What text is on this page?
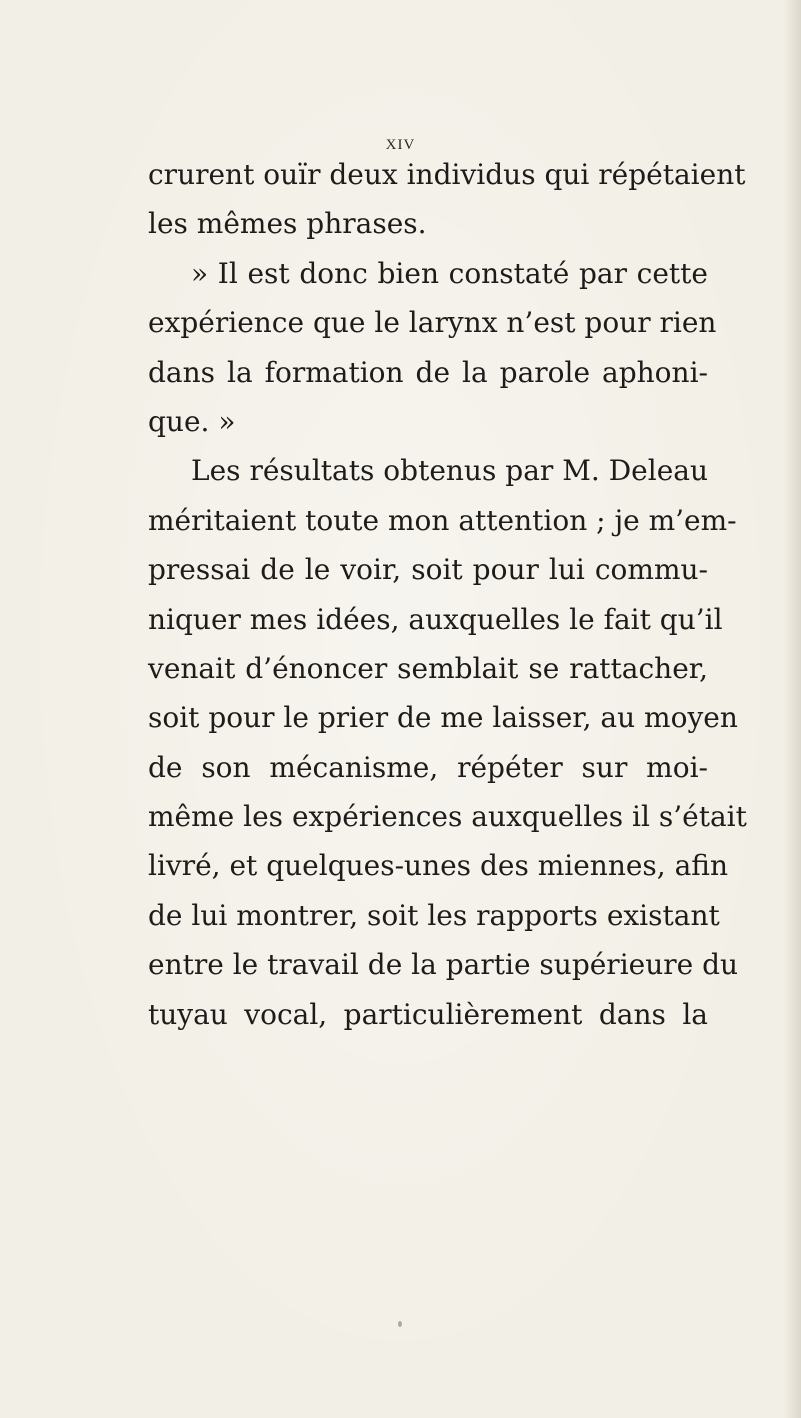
XIV
crurent ouïr deux individus qui répétaient
les mêmes phrases.
» Il est donc bien constaté par cette
expérience que le larynx n’est pour rien
dans la formation de la parole aphoni-
que. »
Les résultats obtenus par M. Deleau
méritaient toute mon attention ; je m’em-
pressai de le voir, soit pour lui commu-
niquer mes idées, auxquelles le fait qu’il
venait d’énoncer semblait se rattacher,
soit pour le prier de me laisser, au moyen
de son mécanisme, répéter sur moi-
même les expériences auxquelles il s’était
livré, et quelques-unes des miennes, afin
de lui montrer, soit les rapports existant
entre le travail de la partie supérieure du
tuyau vocal, particulièrement dans la
